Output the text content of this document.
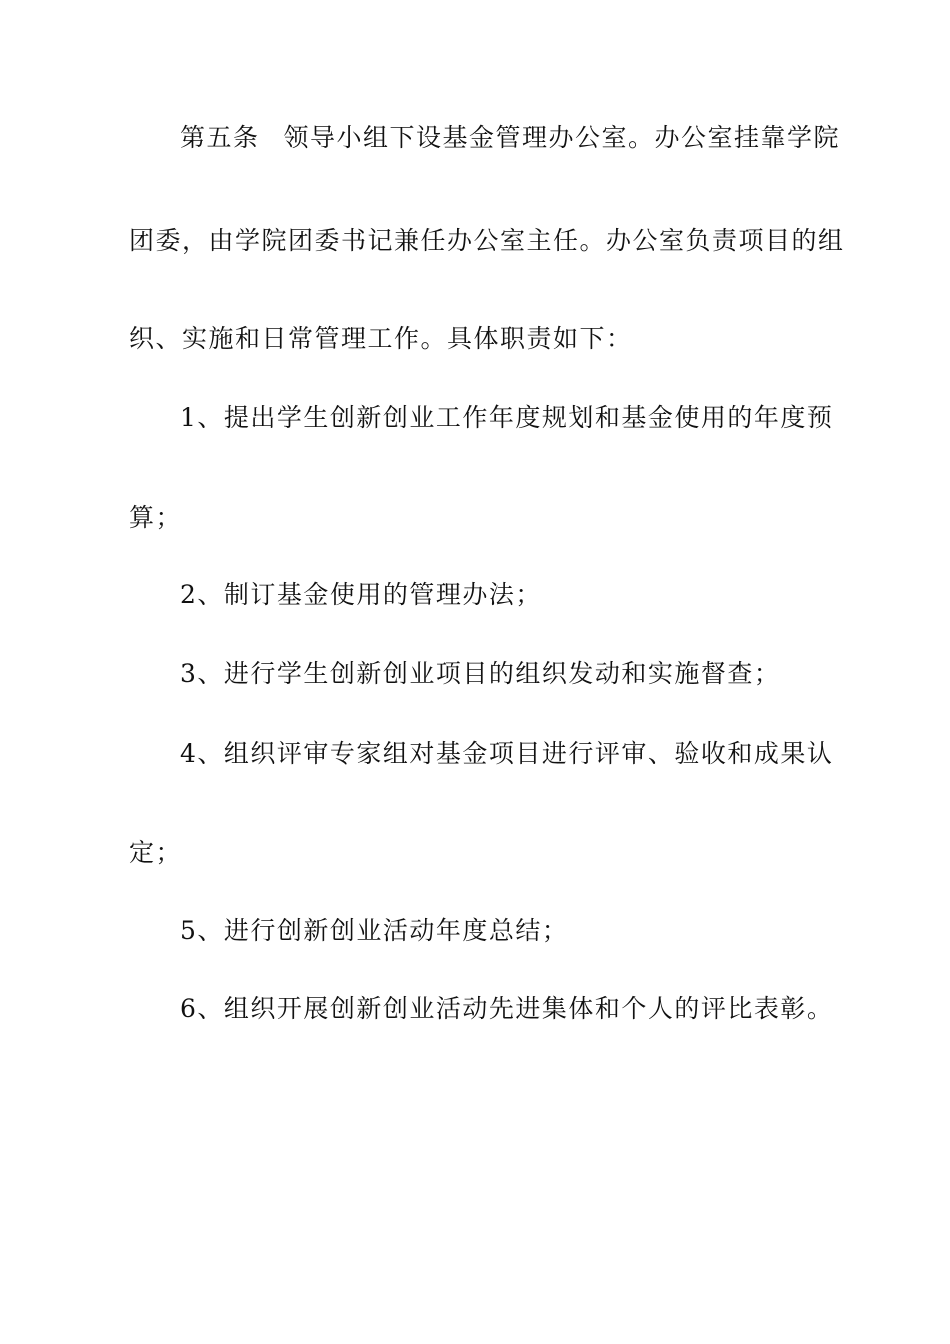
第五条 领导小组下设基金管理办公室。办公室挂靠学院
团委，由学院团委书记兼任办公室主任。办公室负责项目的组
织、实施和日常管理工作。具体职责如下：
1、提出学生创新创业工作年度规划和基金使用的年度预
算；
2、制订基金使用的管理办法；
3、进行学生创新创业项目的组织发动和实施督查；
4、组织评审专家组对基金项目进行评审、验收和成果认
定；
5、进行创新创业活动年度总结；
6、组织开展创新创业活动先进集体和个人的评比表彰。
